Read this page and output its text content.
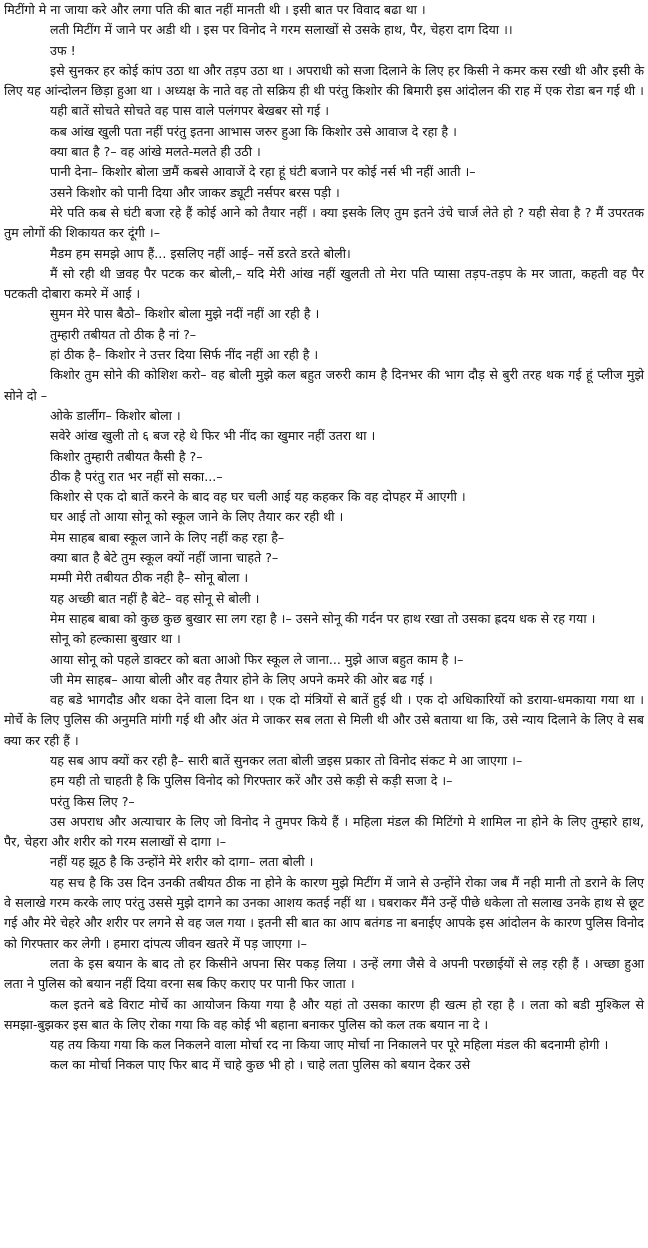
मिटींगो मे ना जाया करे और लगा पति की बात नहीं मानती थी । इसी बात पर विवाद बढा था ।

लती मिटींग में जाने पर अडी थी । इस पर विनोद ने गरम सलाखों से उसके हाथ, पैर, चेहरा दाग दिया ।।

उफ !

इसे सुनकर हर कोई कांप उठा था और तड़प उठा था । अपराधी को सजा दिलाने के लिए हर किसी ने कमर कस रखी थी और इसी के लिए यह आंन्दोलन छिड़ा हुआ था । अध्यक्ष के नाते वह तो सक्रिय ही थी परंतु किशोर की बिमारी इस आंदोलन की राह में एक रोडा बन गई थी ।

यही बातें सोचते सोचते वह पास वाले पलंगपर बेखबर सो गई ।

कब आंख खुली पता नहीं परंतु इतना आभास जरुर हुआ कि किशोर उसे आवाज दे रहा है ।

क्या बात है ?– वह आंखे मलते-मलते ही उठी ।

पानी देना– किशोर बोला ॼमैं कबसे आवाजें दे रहा हूं घंटी बजाने पर कोई नर्स भी नहीं आती ।–

उसने किशोर को पानी दिया और जाकर ड्यूटी नर्सपर बरस पड़ी ।

मेरे पति कब से घंटी बजा रहे हैं कोई आने को तैयार नहीं । क्या इसके लिए तुम इतने उंचे चार्ज लेते हो ? यही सेवा है ? मैं उपरतक तुम लोगों की शिकायत कर दूंगी ।–

मैडम हम समझे आप हैं... इसलिए नहीं आई– नर्से डरते डरते बोली।

मैं सो रही थी ॼवह पैर पटक कर बोली,– यदि मेरी आंख नहीं खुलती तो मेरा पति प्यासा तड़प-तड़प के मर जाता, कहती वह पैर पटकती दोबारा कमरे में आई ।

सुमन मेरे पास बैठो– किशोर बोला मुझे नदीं नहीं आ रही है ।

तुम्हारी तबीयत तो ठीक है नां ?–

हां ठीक है– किशोर ने उत्तर दिया सिर्फ नींद नहीं आ रही है ।

किशोर तुम सोने की कोशिश करो– वह बोली मुझे कल बहुत जरुरी काम है दिनभर की भाग दौड़ से बुरी तरह थक गई हूं प्लीज मुझे सोने दो –

ओके डार्लीग– किशोर बोला ।

सवेरे आंख खुली तो ६ बज रहे थे फिर भी नींद का खुमार नहीं उतरा था ।

किशोर तुम्हारी तबीयत कैसी है ?–

ठीक है परंतु रात भर नहीं सो सका...–

किशोर से एक दो बातें करने के बाद वह घर चली आई यह कहकर कि वह दोपहर में आएगी ।

घर आई तो आया सोनू को स्कूल जाने के लिए तैयार कर रही थी ।

मेम साहब बाबा स्कूल जाने के लिए नहीं कह रहा है–

क्या बात है बेटे तुम स्कूल क्यों नहीं जाना चाहते ?–

मम्मी मेरी तबीयत ठीक नही है– सोनू बोला ।

यह अच्छी बात नहीं है बेटे– वह सोनू से बोली ।

मेम साहब बाबा को कुछ कुछ बुखार सा लग रहा है ।– उसने सोनू की गर्दन पर हाथ रखा तो उसका ह्रदय धक से रह गया ।

सोनू को हल्कासा बुखार था ।

आया सोनू को पहले डाक्टर को बता आओ फिर स्कूल ले जाना... मुझे आज बहुत काम है ।–

जी मेम साहब– आया बोली और वह तैयार होने के लिए अपने कमरे की ओर बढ गई ।

वह बडे भागदौड और थका देने वाला दिन था । एक दो मंत्रियों से बातें हुई थी । एक दो अधिकारियों को डराया-धमकाया गया था । मोर्चे के लिए पुलिस की अनुमति मांगी गई थी और अंत मे जाकर सब लता से मिली थी और उसे बताया था कि, उसे न्याय दिलाने के लिए वे सब क्या कर रही हैं ।

यह सब आप क्यों कर रही है– सारी बातें सुनकर लता बोली ॼइस प्रकार तो विनोद संकट मे आ जाएगा ।–

हम यही तो चाहती है कि पुलिस विनोद को गिरफ्तार करें और उसे कड़ी से कड़ी सजा दे ।–

परंतु किस लिए ?–

उस अपराध और अत्याचार के लिए जो विनोद ने तुमपर किये हैं । महिला मंडल की मिटिंगो मे शामिल ना होने के लिए तुम्हारे हाथ, पैर, चेहरा और शरीर को गरम सलाखों से दागा ।–

नहीं यह झूठ है कि उन्होंने मेरे शरीर को दागा– लता बोली ।

यह सच है कि उस दिन उनकी तबीयत ठीक ना होने के कारण मुझे मिटींग में जाने से उन्होंने रोका जब मैं नही मानी तो डराने के लिए वे सलाखे गरम करके लाए परंतु उससे मुझे दागने का उनका आशय कतई नहीं था । घबराकर मैंने उन्हें पीछे धकेला तो सलाख उनके हाथ से छूट गई और मेरे चेहरे और शरीर पर लगने से वह जल गया । इतनी सी बात का आप बतंगड ना बनाईए आपके इस आंदोलन के कारण पुलिस विनोद को गिरफ्तार कर लेगी । हमारा दांपत्य जीवन खतरे में पड़ जाएगा ।–

लता के इस बयान के बाद तो हर किसीने अपना सिर पकड़ लिया । उन्हें लगा जैसे वे अपनी परछाईयों से लड़ रही हैं । अच्छा हुआ लता ने पुलिस को बयान नहीं दिया वरना सब किए कराए पर पानी फिर जाता ।

कल इतने बडे विराट मोर्चे का आयोजन किया गया है और यहां तो उसका कारण ही खत्म हो रहा है । लता को बडी मुश्किल से समझा-बुझकर इस बात के लिए रोका गया कि वह कोई भी बहाना बनाकर पुलिस को कल तक बयान ना दे ।

यह तय किया गया कि कल निकलने वाला मोर्चा रद ना किया जाए मोर्चा ना निकालने पर पूरे महिला मंडल की बदनामी होगी ।

कल का मोर्चा निकल पाए फिर बाद में चाहे कुछ भी हो । चाहे लता पुलिस को बयान देकर उसे
